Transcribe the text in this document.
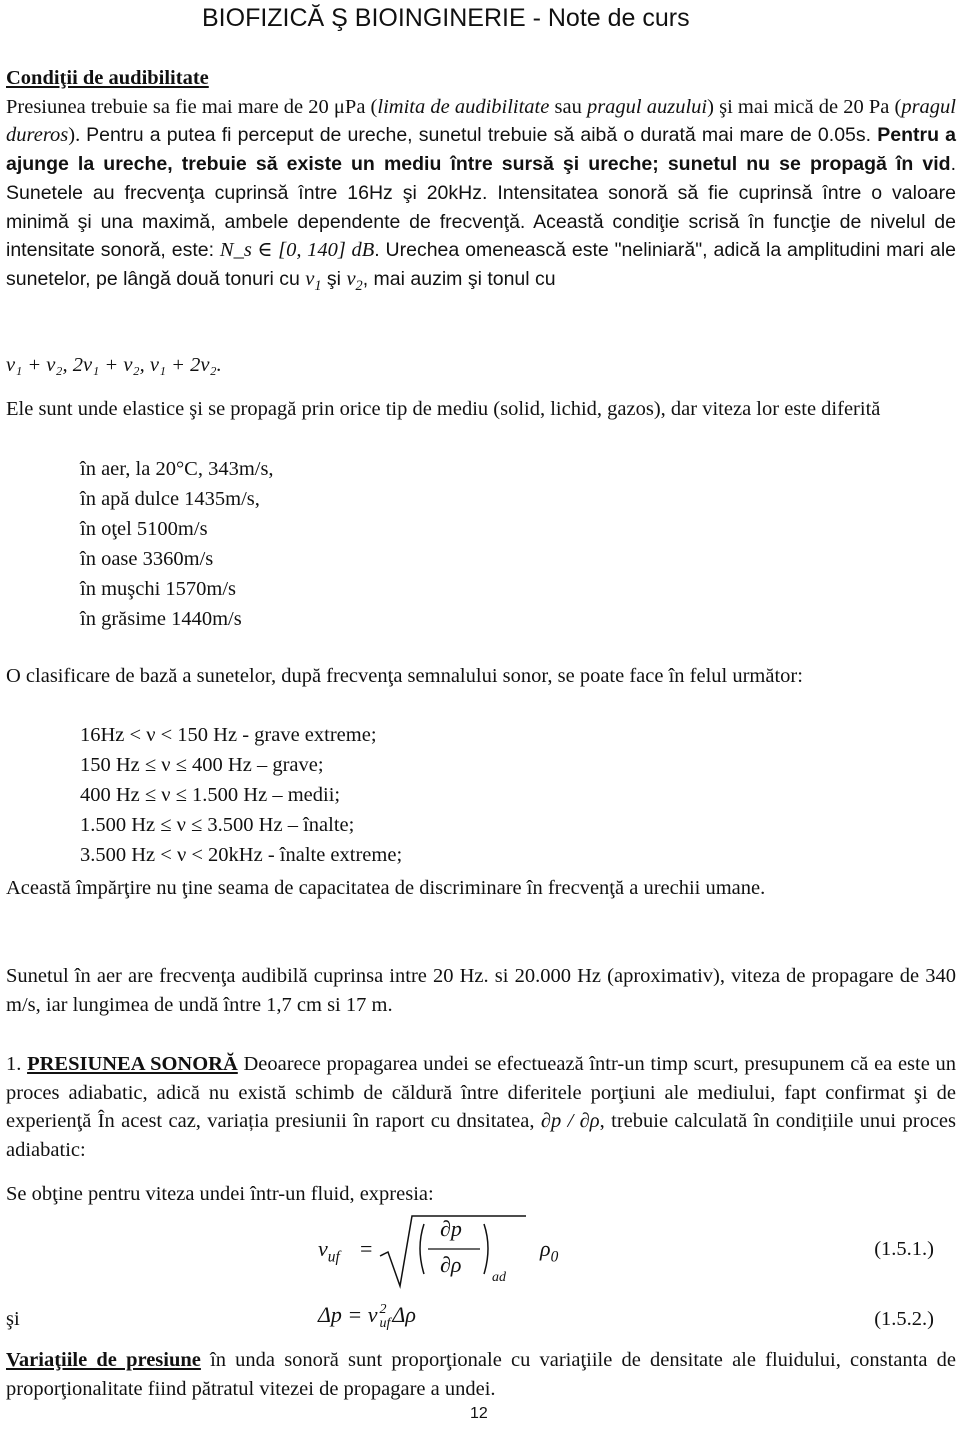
BIOFIZICĂ Ş BIOINGINERIE - Note de curs
Condiţii de audibilitate
Presiunea trebuie sa fie mai mare de 20 μPa (limita de audibilitate sau pragul auzului) şi mai mică de 20 Pa (pragul dureros). Pentru a putea fi perceput de ureche, sunetul trebuie să aibă o durată mai mare de 0.05s. Pentru a ajunge la ureche, trebuie să existe un mediu între sursă şi ureche; sunetul nu se propagă în vid. Sunetele au frecvenţa cuprinsă între 16Hz şi 20kHz. Intensitatea sonoră să fie cuprinsă între o valoare minimă şi una maximă, ambele dependente de frecvenţă. Această condiţie scrisă în funcţie de nivelul de intensitate sonoră, este: N_s ∈ [0, 140] dB. Urechea omenească este "neliniară", adică la amplitudini mari ale sunetelor, pe lângă două tonuri cu $\nu_1$ şi $\nu_2$, mai auzim şi tonul cu
ν₁ + ν₂, 2ν₁ + ν₂, ν₁ + 2ν₂.
Ele sunt unde elastice şi se propagă prin orice tip de mediu (solid, lichid, gazos), dar viteza lor este diferită
în aer, la 20°C, 343m/s,
în apă dulce 1435m/s,
în oţel 5100m/s
în oase 3360m/s
în muşchi 1570m/s
în grăsime 1440m/s
O clasificare de bază a sunetelor, după frecvenţa semnalului sonor, se poate face în felul următor:
16Hz < ν < 150 Hz - grave extreme;
150 Hz ≤ ν ≤ 400 Hz – grave;
400 Hz ≤ ν ≤ 1.500 Hz – medii;
1.500 Hz ≤ ν ≤ 3.500 Hz – înalte;
3.500 Hz < ν < 20kHz - înalte extreme;
Această împărţire nu ţine seama de capacitatea de discriminare în frecvenţă a urechii umane.
Sunetul în aer are frecvenţa audibilă cuprinsa intre 20 Hz. si 20.000 Hz (aproximativ), viteza de propagare de 340 m/s, iar lungimea de undă între 1,7 cm si 17 m.
1. PRESIUNEA SONORĂ Deoarece propagarea undei se efectuează într-un timp scurt, presupunem că ea este un proces adiabatic, adică nu există schimb de căldură între diferitele porţiuni ale mediului, fapt confirmat şi de experienţă În acest caz, variația presiunii în raport cu dnsitatea, ∂p / ∂ρ, trebuie calculată în condițiile unui proces adiabatic:
Se obţine pentru viteza undei într-un fluid, expresia:
$v_{uf}$ =
∂p
∂ρ
ad
$\rho_0$	(1.5.1.)
şi	Δp = v 2
uf Δρ	(1.5.2.)
Variaţiile de presiune în unda sonoră sunt proporţionale cu variaţiile de densitate ale fluidului, constanta de proporţionalitate fiind pătratul vitezei de propagare a undei.
12
